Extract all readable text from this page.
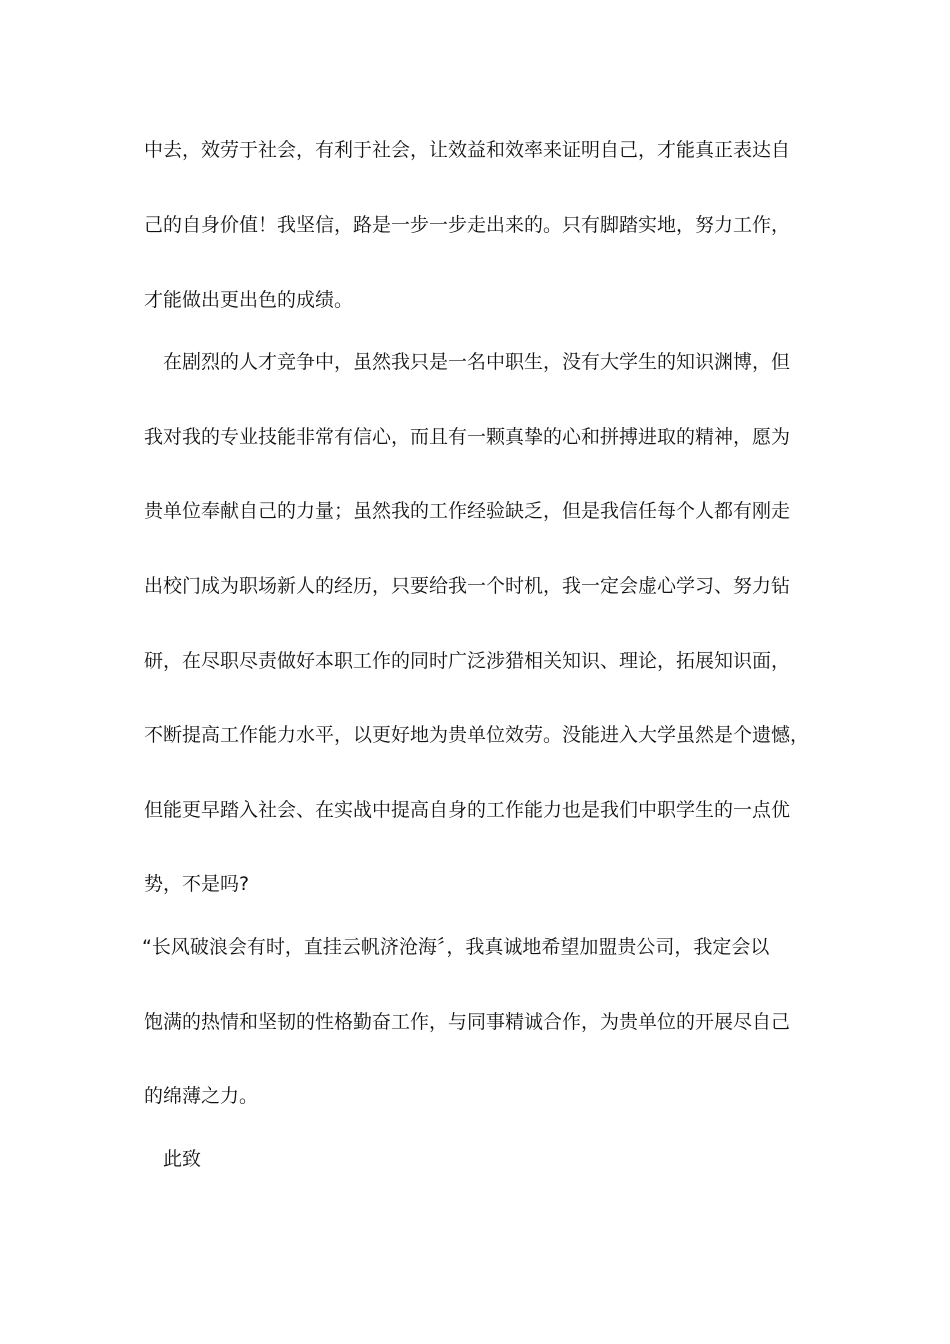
中去，效劳于社会，有利于社会，让效益和效率来证明自己，才能真正表达自
己的自身价值！我坚信，路是一步一步走出来的。只有脚踏实地，努力工作，
才能做出更出色的成绩。
在剧烈的人才竞争中，虽然我只是一名中职生，没有大学生的知识渊博，但
我对我的专业技能非常有信心，而且有一颗真挚的心和拼搏进取的精神，愿为
贵单位奉献自己的力量；虽然我的工作经验缺乏，但是我信任每个人都有刚走
出校门成为职场新人的经历，只要给我一个时机，我一定会虚心学习、努力钻
研，在尽职尽责做好本职工作的同时广泛涉猎相关知识、理论，拓展知识面，
不断提高工作能力水平，以更好地为贵单位效劳。没能进入大学虽然是个遗憾，
但能更早踏入社会、在实战中提高自身的工作能力也是我们中职学生的一点优
势，不是吗?
“长风破浪会有时，直挂云帆济沧海〞，我真诚地希望加盟贵公司，我定会以
饱满的热情和坚韧的性格勤奋工作，与同事精诚合作，为贵单位的开展尽自己
的绵薄之力。
此致
